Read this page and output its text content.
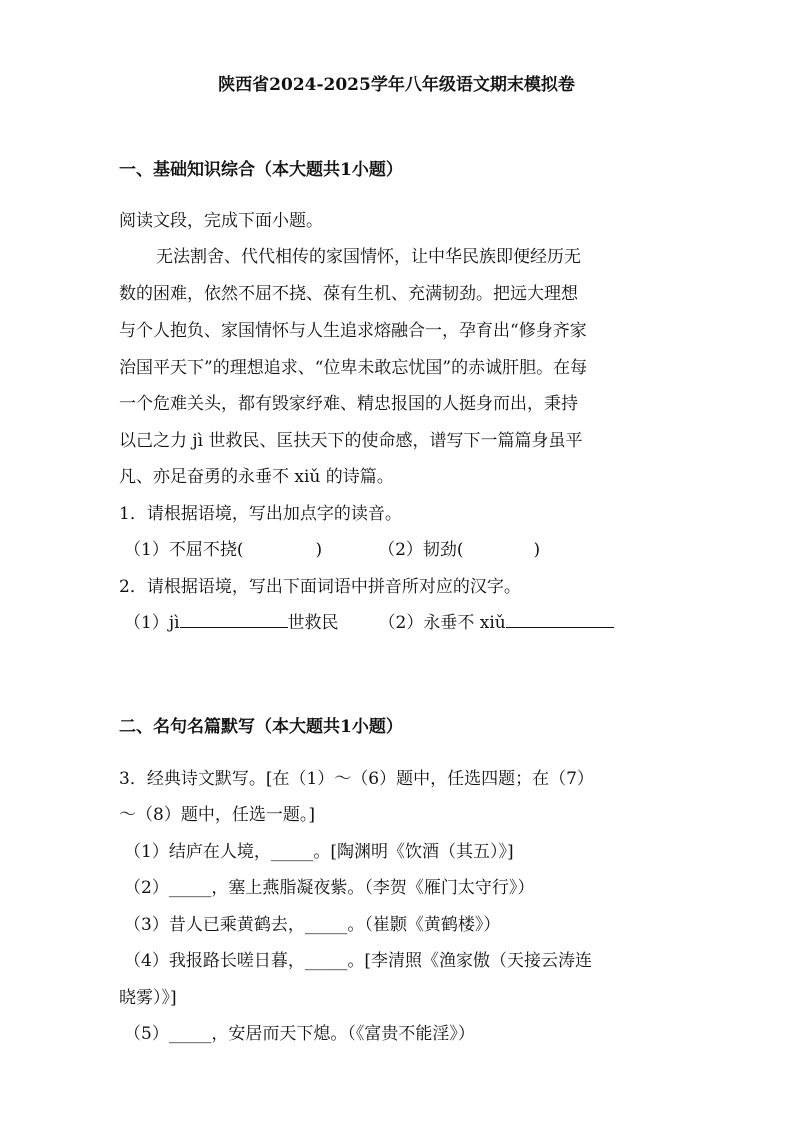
陕西省2024-2025学年八年级语文期末模拟卷
一、基础知识综合（本大题共1小题）
阅读文段，完成下面小题。
无法割舍、代代相传的家国情怀，让中华民族即便经历无
数的困难，依然不屈不挠、葆有生机、充满韧劲。把远大理想
与个人抱负、家国情怀与人生追求熔融合一，孕育出“修身齐家
治国平天下”的理想追求、“位卑未敢忘忧国”的赤诚肝胆。在每
一个危难关头，都有毁家纾难、精忠报国的人挺身而出，秉持
以己之力 jì 世救民、匡扶天下的使命感，谱写下一篇篇身虽平
凡、亦足奋勇的永垂不 xiǔ 的诗篇。
1．请根据语境，写出加点字的读音。
（1）不屈不挠(	)	（2）韧劲(	)
2．请根据语境，写出下面词语中拼音所对应的汉字。
（1）jì	世救民 （2）永垂不 xiǔ
二、名句名篇默写（本大题共1小题）
3．经典诗文默写。[在（1）～（6）题中，任选四题；在（7）
～（8）题中，任选一题。]
（1）结庐在人境，_____。[陶渊明《饮酒（其五）》]
（2）_____，塞上燕脂凝夜紫。（李贺《雁门太守行》）
（3）昔人已乘黄鹤去，_____。（崔颢《黄鹤楼》）
（4）我报路长嗟日暮，_____。[李清照《渔家傲（天接云涛连
晓雾）》]
（5）_____，安居而天下熄。（《富贵不能淫》）
